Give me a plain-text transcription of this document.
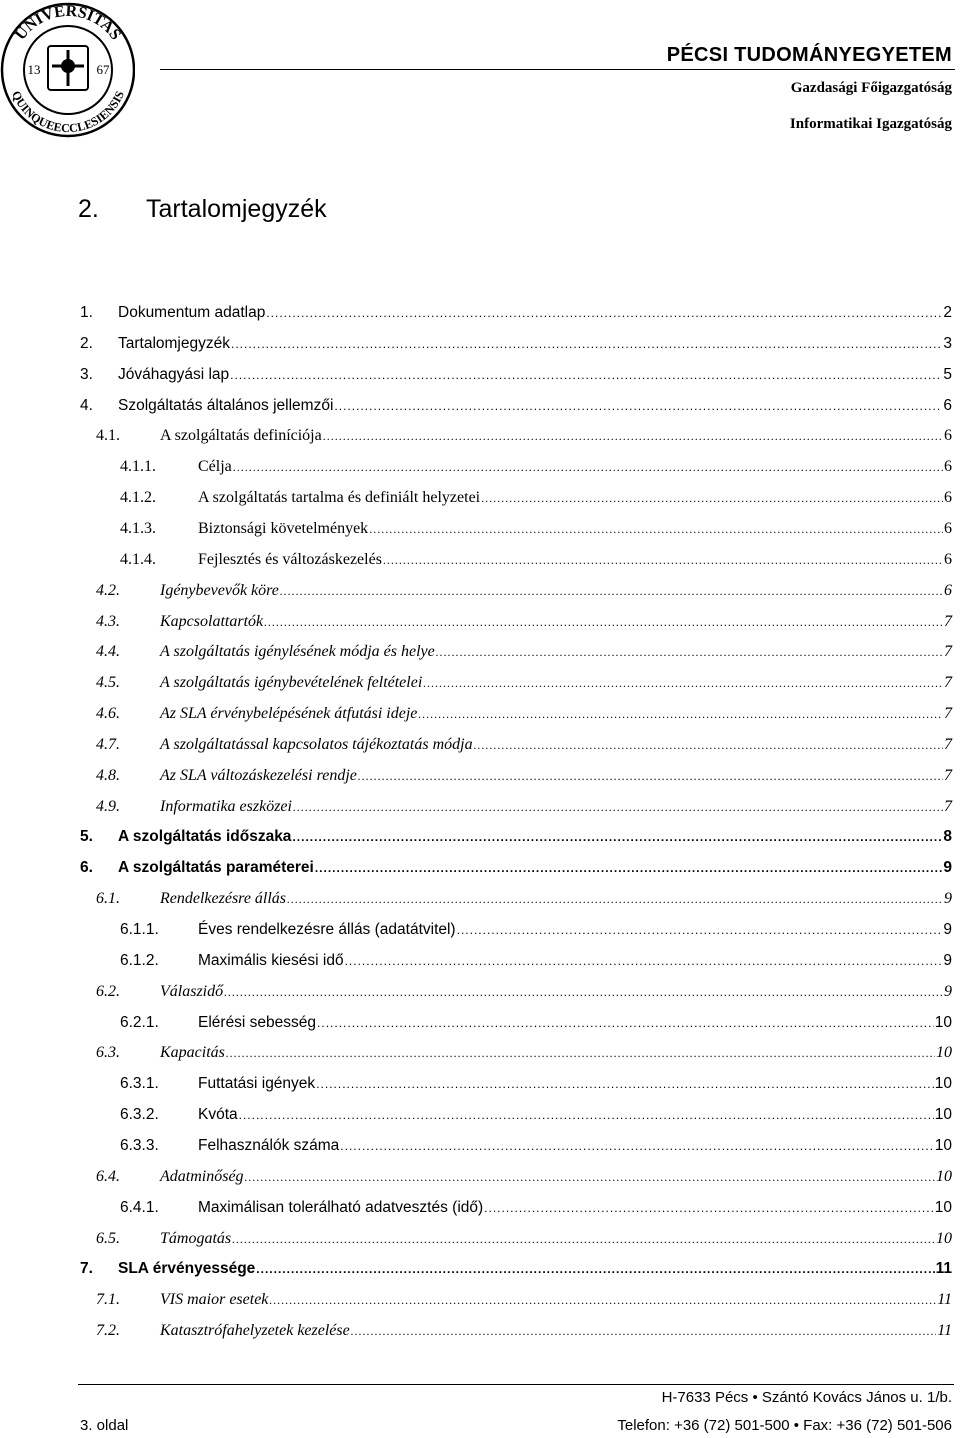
UNIVERSITAS
QUINQUEECCLESIENSIS
13	67
PÉCSI TUDOMÁNYEGYETEM
Gazdasági Főigazgatóság
Informatikai Igazgatóság
2. Tartalomjegyzék
1.	Dokumentum adatlap .....	2
2.	Tartalomjegyzék .....	3
3.	Jóváhagyási lap .....	5
4.	Szolgáltatás általános jellemzői .....	6
4.1.	A szolgáltatás definíciója .....	6
4.1.1.	Célja .....	6
4.1.2.	A szolgáltatás tartalma és definiált helyzetei .....	6
4.1.3.	Biztonsági követelmények .....	6
4.1.4.	Fejlesztés és változáskezelés .....	6
4.2.	Igénybevevők köre .....	6
4.3.	Kapcsolattartók .....	7
4.4.	A szolgáltatás igénylésének módja és helye .....	7
4.5.	A szolgáltatás igénybevételének feltételei .....	7
4.6.	Az SLA érvénybelépésének átfutási ideje .....	7
4.7.	A szolgáltatással kapcsolatos tájékoztatás módja .....	7
4.8.	Az SLA változáskezelési rendje .....	7
4.9.	Informatika eszközei .....	7
5.	A szolgáltatás időszaka .....	8
6.	A szolgáltatás paraméterei .....	9
6.1.	Rendelkezésre állás .....	9
6.1.1.	Éves rendelkezésre állás (adatátvitel) .....	9
6.1.2.	Maximális kiesési idő .....	9
6.2.	Válaszidő .....	9
6.2.1.	Elérési sebesség .....	10
6.3.	Kapacitás .....	10
6.3.1.	Futtatási igények .....	10
6.3.2.	Kvóta .....	10
6.3.3.	Felhasználók száma .....	10
6.4.	Adatminőség .....	10
6.4.1.	Maximálisan tolerálható adatvesztés (idő) .....	10
6.5.	Támogatás .....	10
7.	SLA érvényessége .....	11
7.1.	VIS maior esetek .....	11
7.2.	Katasztrófahelyzetek kezelése .....	11
H-7633 Pécs • Szántó Kovács János u. 1/b.
3. oldal	Telefon: +36 (72) 501-500 • Fax: +36 (72) 501-506
